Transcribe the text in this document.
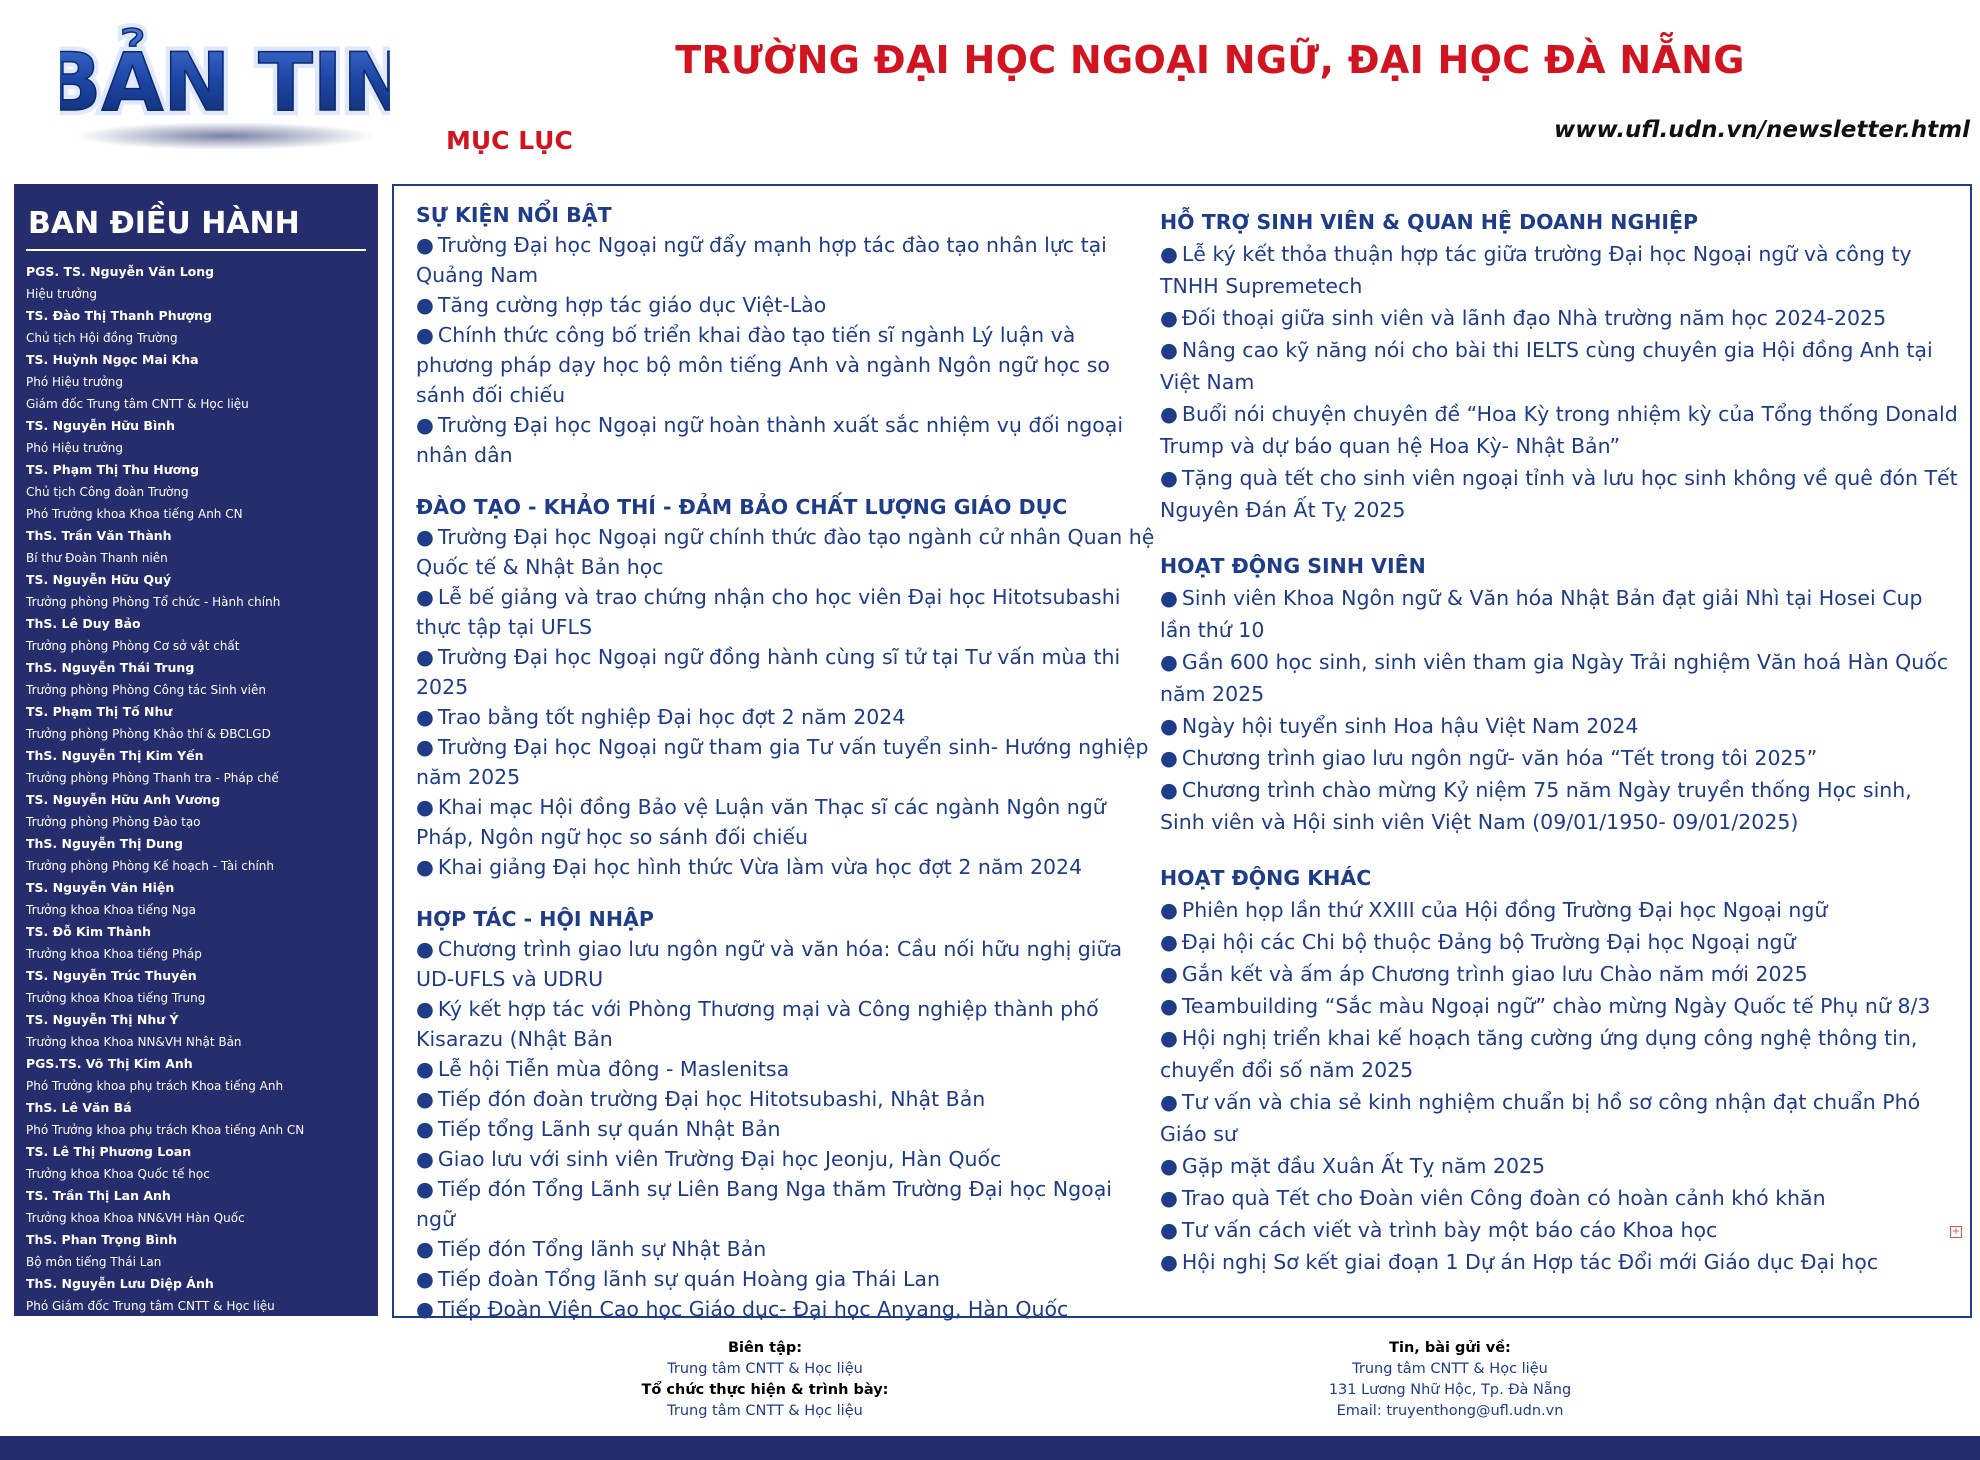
BẢN TIN
BẢN TIN	TRƯỜNG ĐẠI HỌC NGOẠI NGỮ, ĐẠI HỌC ĐÀ NẴNG
MỤC LỤC	www.ufl.udn.vn/newsletter.html
BAN ĐIỀU HÀNH
PGS. TS. Nguyễn Văn Long
Hiệu trưởng
TS. Đào Thị Thanh Phượng
Chủ tịch Hội đồng Trường
TS. Huỳnh Ngọc Mai Kha
Phó Hiệu trưởng
Giám đốc Trung tâm CNTT & Học liệu
TS. Nguyễn Hữu Bình
Phó Hiệu trưởng
TS. Phạm Thị Thu Hương
Chủ tịch Công đoàn Trường
Phó Trưởng khoa Khoa tiếng Anh CN
ThS. Trần Văn Thành
Bí thư Đoàn Thanh niên
TS. Nguyễn Hữu Quý
Trưởng phòng Phòng Tổ chức - Hành chính
ThS. Lê Duy Bảo
Trưởng phòng Phòng Cơ sở vật chất
ThS. Nguyễn Thái Trung
Trưởng phòng Phòng Công tác Sinh viên
TS. Phạm Thị Tố Như
Trưởng phòng Phòng Khảo thí & ĐBCLGD
ThS. Nguyễn Thị Kim Yến
Trưởng phòng Phòng Thanh tra - Pháp chế
TS. Nguyễn Hữu Anh Vương
Trưởng phòng Phòng Đào tạo
ThS. Nguyễn Thị Dung
Trưởng phòng Phòng Kế hoạch - Tài chính
TS. Nguyễn Văn Hiện
Trưởng khoa Khoa tiếng Nga
TS. Đỗ Kim Thành
Trưởng khoa Khoa tiếng Pháp
TS. Nguyễn Trúc Thuyên
Trưởng khoa Khoa tiếng Trung
TS. Nguyễn Thị Như Ý
Trưởng khoa Khoa NN&VH Nhật Bản
PGS.TS. Võ Thị Kim Anh
Phó Trưởng khoa phụ trách Khoa tiếng Anh
ThS. Lê Văn Bá
Phó Trưởng khoa phụ trách Khoa tiếng Anh CN
TS. Lê Thị Phương Loan
Trưởng khoa Khoa Quốc tế học
TS. Trần Thị Lan Anh
Trưởng khoa Khoa NN&VH Hàn Quốc
ThS. Phan Trọng Bình
Bộ môn tiếng Thái Lan
ThS. Nguyễn Lưu Diệp Ánh
Phó Giám đốc Trung tâm CNTT & Học liệu
SỰ KIỆN NỔI BẬT
● Trường Đại học Ngoại ngữ đẩy mạnh hợp tác đào tạo nhân lực tại Quảng Nam
● Tăng cường hợp tác giáo dục Việt-Lào
● Chính thức công bố triển khai đào tạo tiến sĩ ngành Lý luận và phương pháp dạy học bộ môn tiếng Anh và ngành Ngôn ngữ học so sánh đối chiếu
● Trường Đại học Ngoại ngữ hoàn thành xuất sắc nhiệm vụ đối ngoại nhân dân
ĐÀO TẠO - KHẢO THÍ - ĐẢM BẢO CHẤT LƯỢNG GIÁO DỤC
● Trường Đại học Ngoại ngữ chính thức đào tạo ngành cử nhân Quan hệ Quốc tế & Nhật Bản học
● Lễ bế giảng và trao chứng nhận cho học viên Đại học Hitotsubashi thực tập tại UFLS
● Trường Đại học Ngoại ngữ đồng hành cùng sĩ tử tại Tư vấn mùa thi 2025
● Trao bằng tốt nghiệp Đại học đợt 2 năm 2024
● Trường Đại học Ngoại ngữ tham gia Tư vấn tuyển sinh- Hướng nghiệp năm 2025
● Khai mạc Hội đồng Bảo vệ Luận văn Thạc sĩ các ngành Ngôn ngữ Pháp, Ngôn ngữ học so sánh đối chiếu
● Khai giảng Đại học hình thức Vừa làm vừa học đợt 2 năm 2024
HỢP TÁC - HỘI NHẬP
● Chương trình giao lưu ngôn ngữ và văn hóa: Cầu nối hữu nghị giữa UD-UFLS và UDRU
● Ký kết hợp tác với Phòng Thương mại và Công nghiệp thành phố Kisarazu (Nhật Bản
● Lễ hội Tiễn mùa đông - Maslenitsa
● Tiếp đón đoàn trường Đại học Hitotsubashi, Nhật Bản
● Tiếp tổng Lãnh sự quán Nhật Bản
● Giao lưu với sinh viên Trường Đại học Jeonju, Hàn Quốc
● Tiếp đón Tổng Lãnh sự Liên Bang Nga thăm Trường Đại học Ngoại ngữ
● Tiếp đón Tổng lãnh sự Nhật Bản
● Tiếp đoàn Tổng lãnh sự quán Hoàng gia Thái Lan
● Tiếp Đoàn Viện Cao học Giáo dục- Đại học Anyang, Hàn Quốc
HỖ TRỢ SINH VIÊN & QUAN HỆ DOANH NGHIỆP
● Lễ ký kết thỏa thuận hợp tác giữa trường Đại học Ngoại ngữ và công ty TNHH Supremetech
● Đối thoại giữa sinh viên và lãnh đạo Nhà trường năm học 2024-2025
● Nâng cao kỹ năng nói cho bài thi IELTS cùng chuyên gia Hội đồng Anh tại Việt Nam
● Buổi nói chuyện chuyên đề “Hoa Kỳ trong nhiệm kỳ của Tổng thống Donald Trump và dự báo quan hệ Hoa Kỳ- Nhật Bản”
● Tặng quà tết cho sinh viên ngoại tỉnh và lưu học sinh không về quê đón Tết Nguyên Đán Ất Tỵ 2025
HOẠT ĐỘNG SINH VIÊN
● Sinh viên Khoa Ngôn ngữ & Văn hóa Nhật Bản đạt giải Nhì tại Hosei Cup lần thứ 10
● Gần 600 học sinh, sinh viên tham gia Ngày Trải nghiệm Văn hoá Hàn Quốc năm 2025
● Ngày hội tuyển sinh Hoa hậu Việt Nam 2024
● Chương trình giao lưu ngôn ngữ- văn hóa “Tết trong tôi 2025”
● Chương trình chào mừng Kỷ niệm 75 năm Ngày truyền thống Học sinh, Sinh viên và Hội sinh viên Việt Nam (09/01/1950- 09/01/2025)
HOẠT ĐỘNG KHÁC
● Phiên họp lần thứ XXIII của Hội đồng Trường Đại học Ngoại ngữ
● Đại hội các Chi bộ thuộc Đảng bộ Trường Đại học Ngoại ngữ
● Gắn kết và ấm áp Chương trình giao lưu Chào năm mới 2025
● Teambuilding “Sắc màu Ngoại ngữ” chào mừng Ngày Quốc tế Phụ nữ 8/3
● Hội nghị triển khai kế hoạch tăng cường ứng dụng công nghệ thông tin, chuyển đổi số năm 2025
● Tư vấn và chia sẻ kinh nghiệm chuẩn bị hồ sơ công nhận đạt chuẩn Phó Giáo sư
● Gặp mặt đầu Xuân Ất Tỵ năm 2025
● Trao quà Tết cho Đoàn viên Công đoàn có hoàn cảnh khó khăn
● Tư vấn cách viết và trình bày một báo cáo Khoa học
● Hội nghị Sơ kết giai đoạn 1 Dự án Hợp tác Đổi mới Giáo dục Đại học
+
Biên tập:
Trung tâm CNTT & Học liệu
Tổ chức thực hiện & trình bày:
Trung tâm CNTT & Học liệu
Tin, bài gửi về:
Trung tâm CNTT & Học liệu
131 Lương Nhữ Hộc, Tp. Đà Nẵng
Email: truyenthong@ufl.udn.vn
